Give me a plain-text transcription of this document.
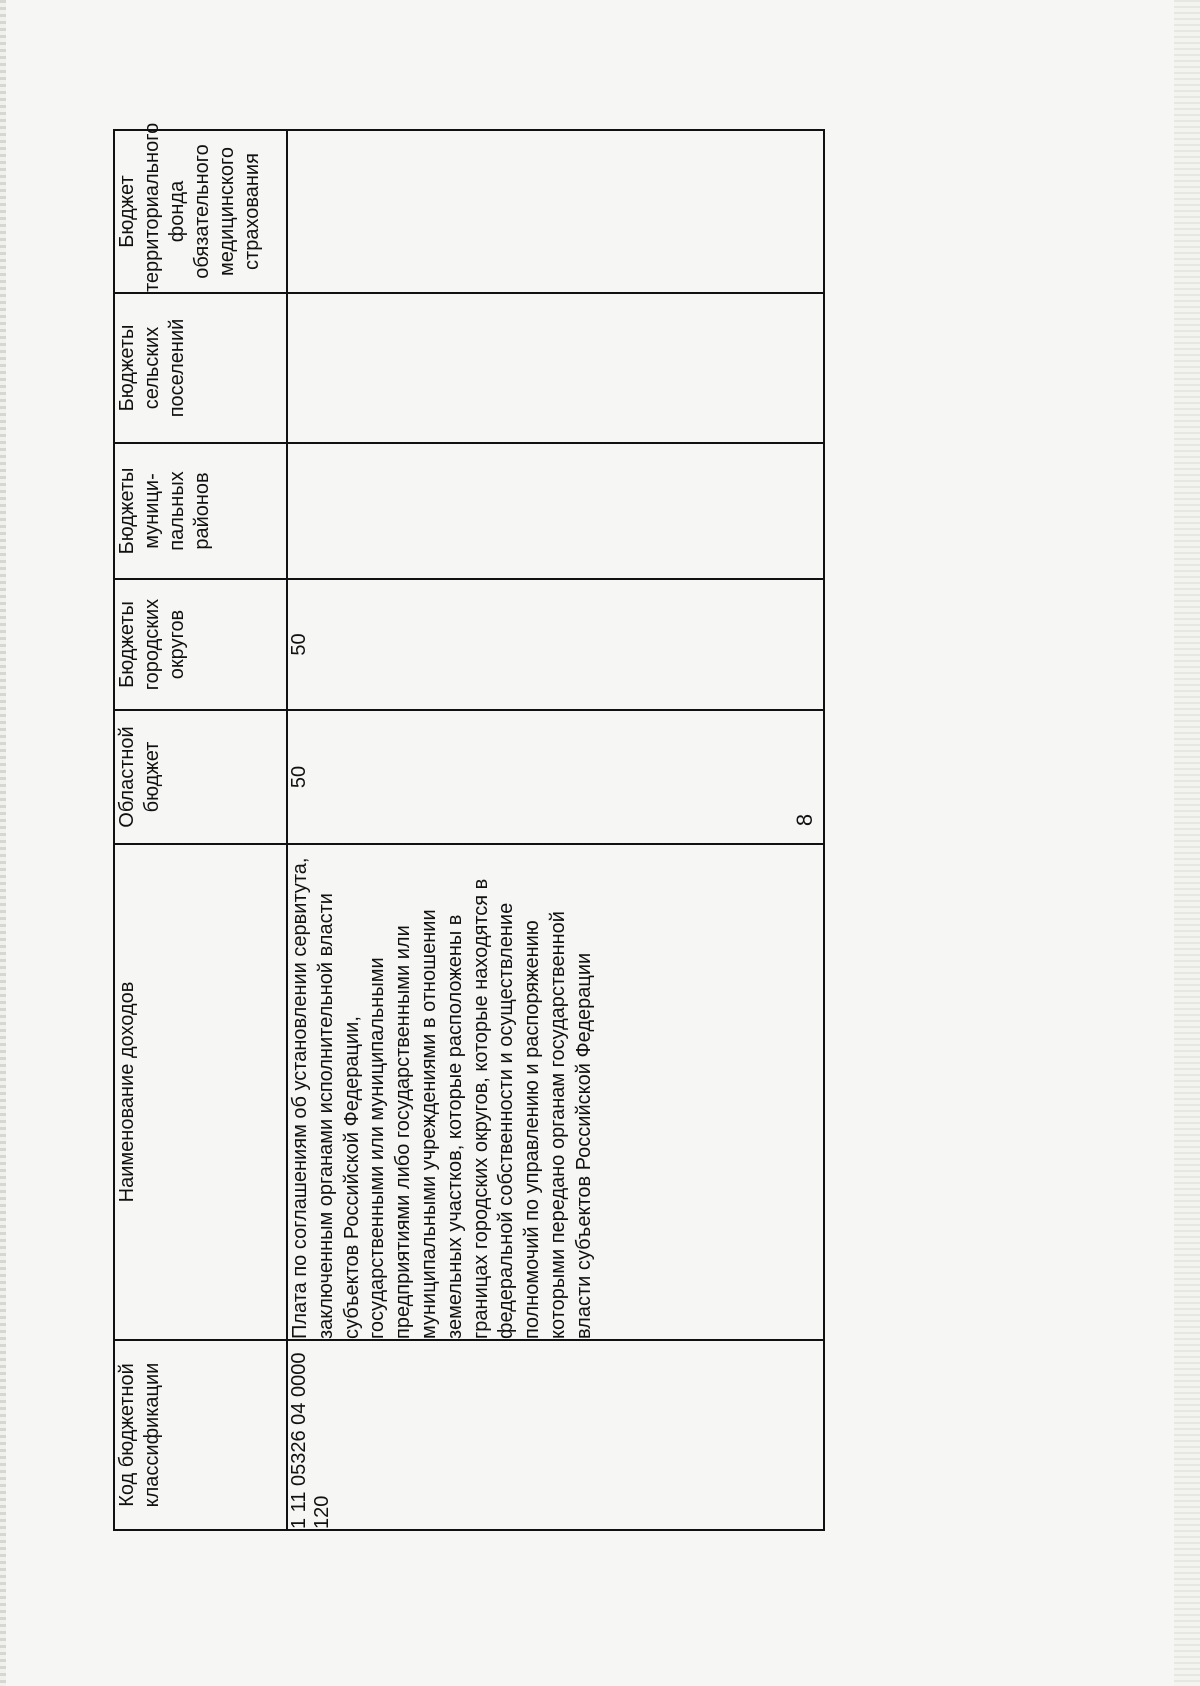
8
Код бюджетной классификации	Наименование доходов	Областной бюджет	Бюджеты городских округов	Бюджеты муници-пальных районов	Бюджеты сельских поселений	Бюджет территориального фонда обязательного медицинского страхования
1 11 05326 04 0000 120	Плата по соглашениям об установлении сервитута, заключенным органами исполнительной власти субъектов Российской Федерации, государственными или муниципальными предприятиями либо государственными или муниципальными учреждениями в отношении земельных участков, которые расположены в границах городских округов, которые находятся в федеральной собственности и осуществление полномочий по управлению и распоряжению которыми передано органам государственной власти субъектов Российской Федерации	50	50			
